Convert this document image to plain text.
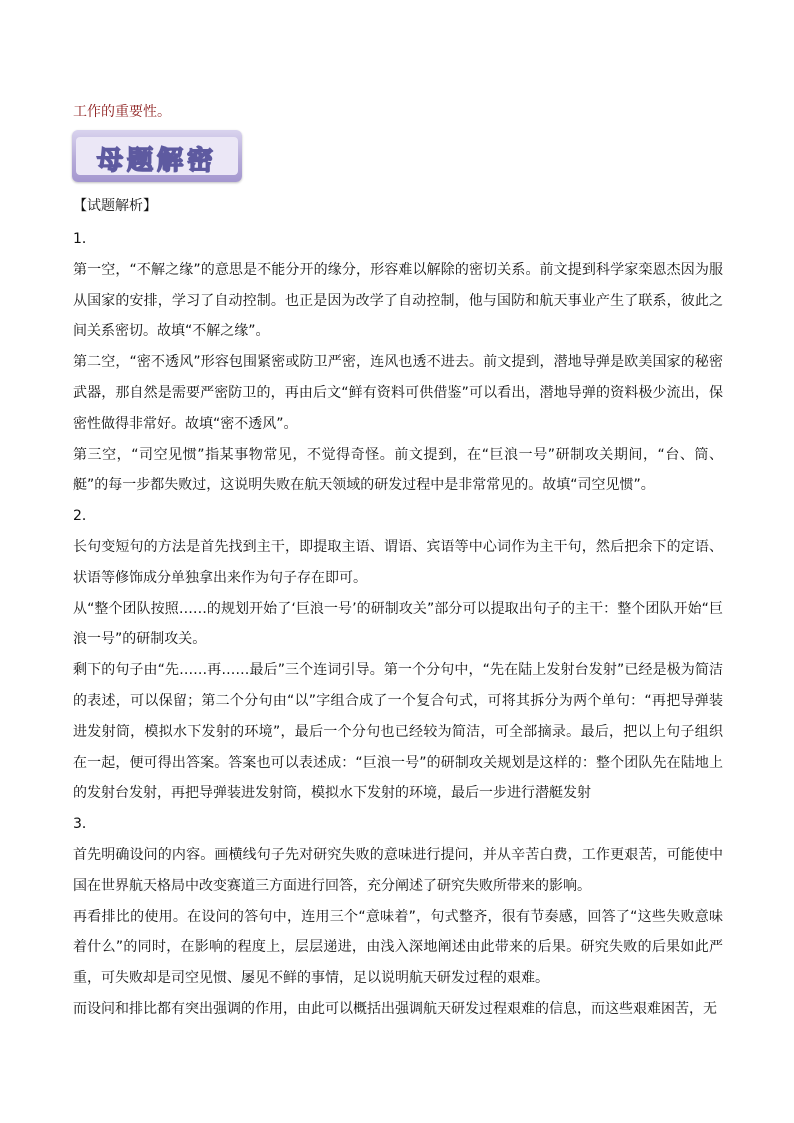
工作的重要性。
母题解密
【试题解析】
1．

第一空，“不解之缘”的意思是不能分开的缘分，形容难以解除的密切关系。前文提到科学家栾恩杰因为服从国家的安排，学习了自动控制。也正是因为改学了自动控制，他与国防和航天事业产生了联系，彼此之间关系密切。故填“不解之缘”。

第二空，“密不透风”形容包围紧密或防卫严密，连风也透不进去。前文提到，潜地导弹是欧美国家的秘密武器，那自然是需要严密防卫的，再由后文“鲜有资料可供借鉴”可以看出，潜地导弹的资料极少流出，保密性做得非常好。故填“密不透风”。

第三空，“司空见惯”指某事物常见，不觉得奇怪。前文提到，在“巨浪一号”研制攻关期间，“台、筒、艇”的每一步都失败过，这说明失败在航天领域的研发过程中是非常常见的。故填“司空见惯”。

2．

长句变短句的方法是首先找到主干，即提取主语、谓语、宾语等中心词作为主干句，然后把余下的定语、状语等修饰成分单独拿出来作为句子存在即可。

从“整个团队按照……的规划开始了‘巨浪一号’的研制攻关”部分可以提取出句子的主干：整个团队开始“巨浪一号”的研制攻关。

剩下的句子由“先……再……最后”三个连词引导。第一个分句中，“先在陆上发射台发射”已经是极为简洁的表述，可以保留；第二个分句由“以”字组合成了一个复合句式，可将其拆分为两个单句：“再把导弹装进发射筒，模拟水下发射的环境”，最后一个分句也已经较为简洁，可全部摘录。最后，把以上句子组织在一起，便可得出答案。答案也可以表述成：“巨浪一号”的研制攻关规划是这样的：整个团队先在陆地上的发射台发射，再把导弹装进发射筒，模拟水下发射的环境，最后一步进行潜艇发射

3．

首先明确设问的内容。画横线句子先对研究失败的意味进行提问，并从辛苦白费，工作更艰苦，可能使中国在世界航天格局中改变赛道三方面进行回答，充分阐述了研究失败所带来的影响。

再看排比的使用。在设问的答句中，连用三个“意味着”，句式整齐，很有节奏感，回答了“这些失败意味着什么”的同时，在影响的程度上，层层递进，由浅入深地阐述由此带来的后果。研究失败的后果如此严重，可失败却是司空见惯、屡见不鲜的事情，足以说明航天研发过程的艰难。

而设问和排比都有突出强调的作用，由此可以概括出强调航天研发过程艰难的信息，而这些艰难困苦，无
